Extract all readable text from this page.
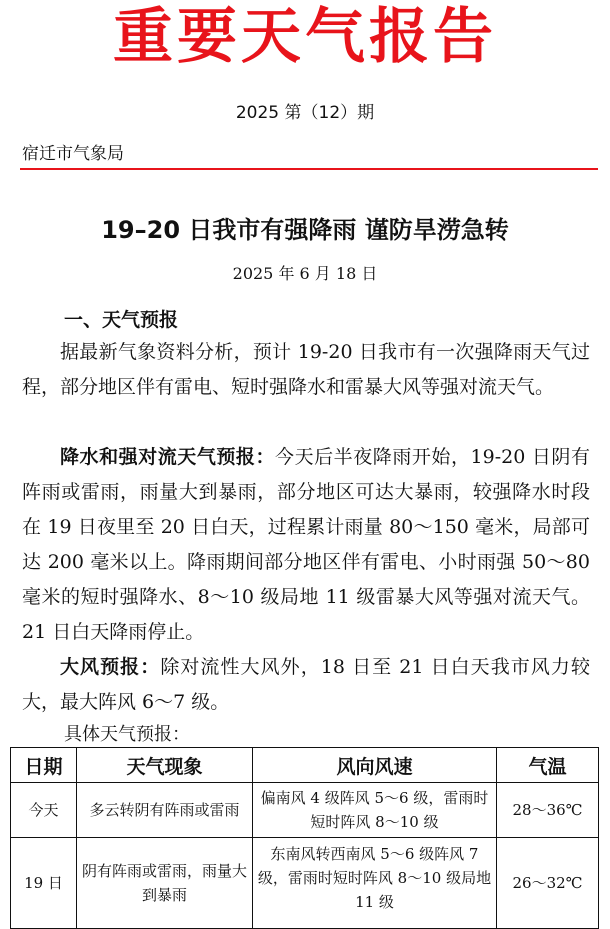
重要天气报告
2025 第（12）期
宿迁市气象局
19–20 日我市有强降雨 谨防旱涝急转
2025 年 6 月 18 日
一、天气预报

据最新气象资料分析，预计 19-20 日我市有一次强降雨天气过程，部分地区伴有雷电、短时强降水和雷暴大风等强对流天气。

降水和强对流天气预报：今天后半夜降雨开始，19-20 日阴有阵雨或雷雨，雨量大到暴雨，部分地区可达大暴雨，较强降水时段在 19 日夜里至 20 日白天，过程累计雨量 80～150 毫米，局部可达 200 毫米以上。降雨期间部分地区伴有雷电、小时雨强 50～80 毫米的短时强降水、8～10 级局地 11 级雷暴大风等强对流天气。21 日白天降雨停止。

大风预报：除对流性大风外，18 日至 21 日白天我市风力较大，最大阵风 6～7 级。

具体天气预报：
日期	天气现象	风向风速	气温
今天	多云转阴有阵雨或雷雨	偏南风 4 级阵风 5～6 级，雷雨时短时阵风 8～10 级	28～36℃
19 日	阴有阵雨或雷雨，雨量大到暴雨	东南风转西南风 5～6 级阵风 7 级，雷雨时短时阵风 8～10 级局地 11 级	26～32℃
